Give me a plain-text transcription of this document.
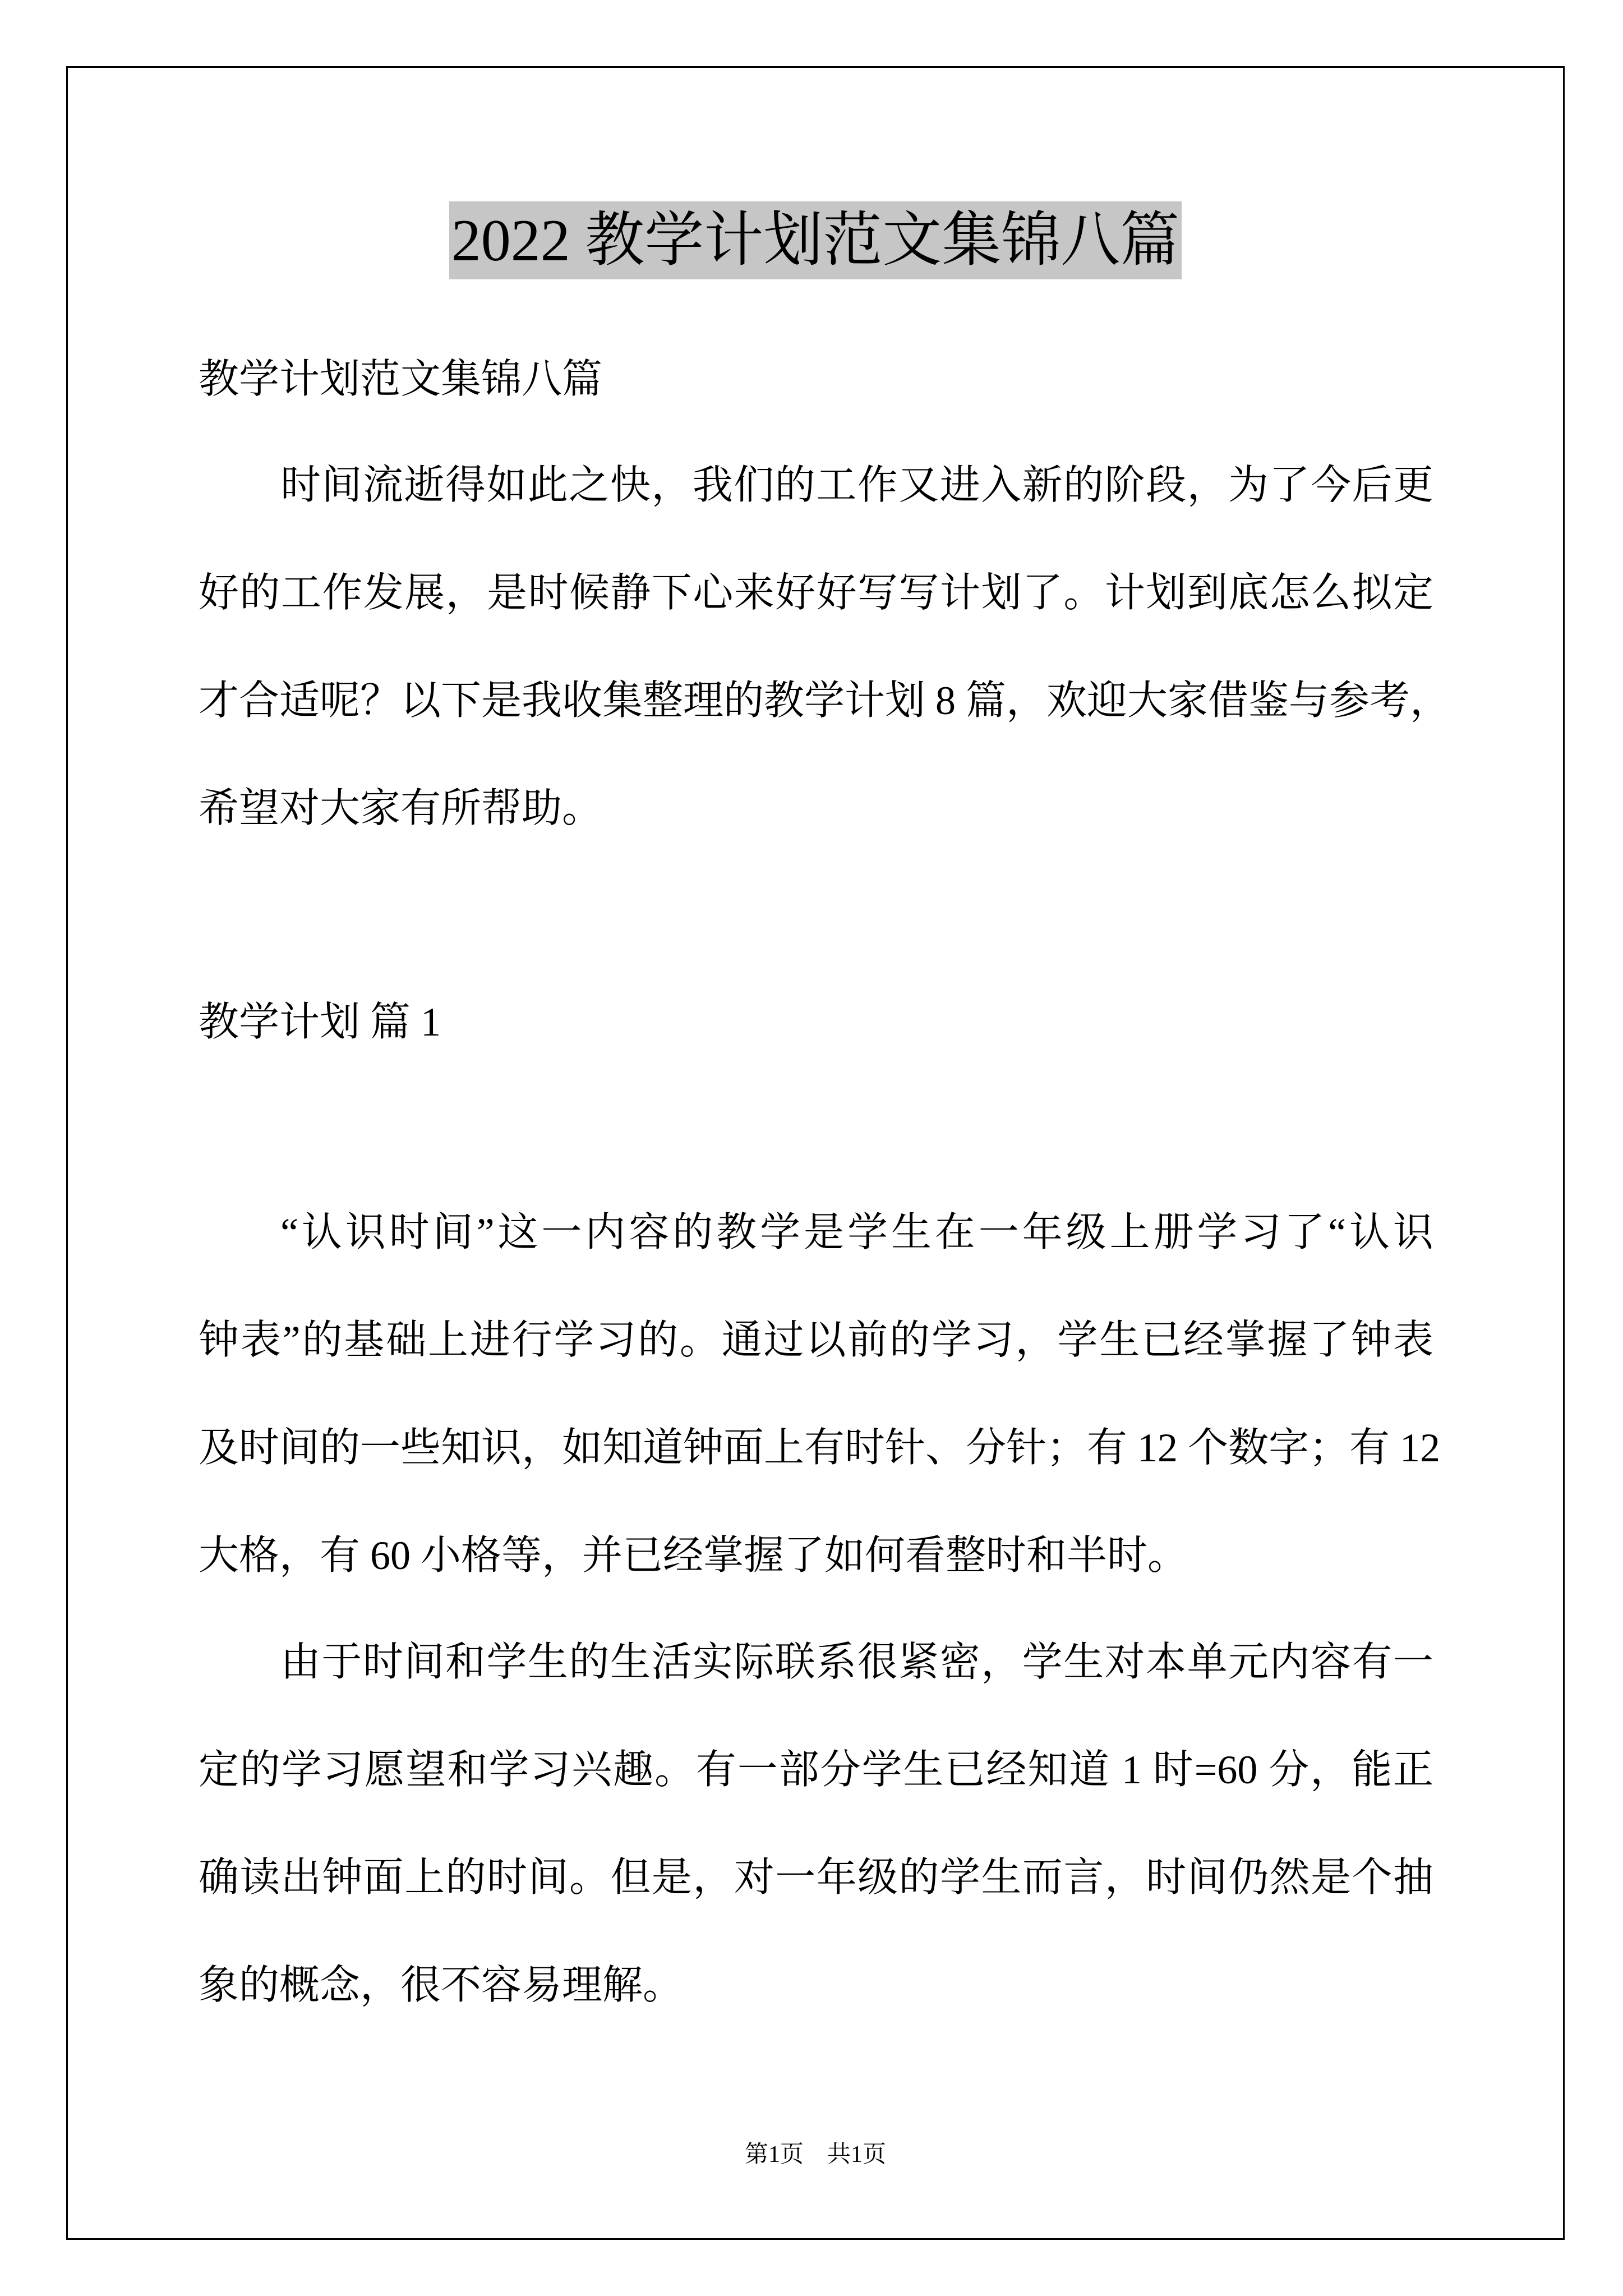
2022 教学计划范文集锦八篇
教学计划范文集锦八篇
时间流逝得如此之快，我们的工作又进入新的阶段，为了今后更
好的工作发展，是时候静下心来好好写写计划了。计划到底怎么拟定
才合适呢？以下是我收集整理的教学计划 8 篇，欢迎大家借鉴与参考，
希望对大家有所帮助。
教学计划 篇 1
“认识时间”这一内容的教学是学生在一年级上册学习了“认识
钟表”的基础上进行学习的。通过以前的学习，学生已经掌握了钟表
及时间的一些知识，如知道钟面上有时针、分针；有 12 个数字；有 12
大格，有 60 小格等，并已经掌握了如何看整时和半时。
由于时间和学生的生活实际联系很紧密，学生对本单元内容有一
定的学习愿望和学习兴趣。有一部分学生已经知道 1 时=60 分，能正
确读出钟面上的时间。但是，对一年级的学生而言，时间仍然是个抽
象的概念，很不容易理解。
第1页　共1页
